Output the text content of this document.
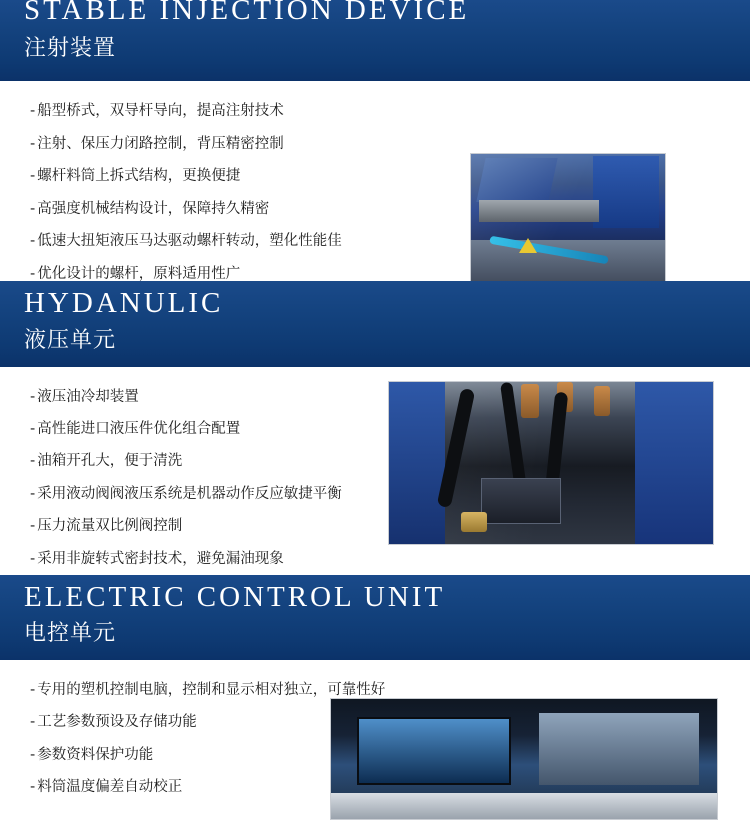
STABLE INJECTION DEVICE
注射装置
- 船型桥式，双导杆导向，提高注射技术
- 注射、保压力闭路控制，背压精密控制
- 螺杆料筒上拆式结构，更换便捷
- 高强度机械结构设计，保障持久精密
- 低速大扭矩液压马达驱动螺杆转动，塑化性能佳
- 优化设计的螺杆，原料适用性广
HYDANULIC
液压单元
- 液压油冷却装置
- 高性能进口液压件优化组合配置
- 油箱开孔大，便于清洗
- 采用液动阀阀液压系统是机器动作反应敏捷平衡
- 压力流量双比例阀控制
- 采用非旋转式密封技术，避免漏油现象
ELECTRIC CONTROL UNIT
电控单元
- 专用的塑机控制电脑，控制和显示相对独立，可靠性好
- 工艺参数预设及存储功能
- 参数资料保护功能
- 料筒温度偏差自动校正
